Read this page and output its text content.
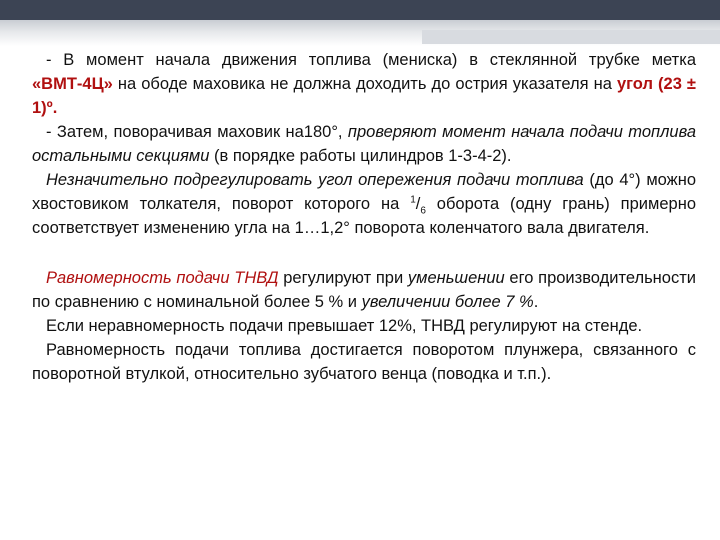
- В момент начала движения топлива (мениска) в стеклянной трубке метка «ВМТ-4Ц» на ободе маховика не должна доходить до острия указателя на угол (23 ± 1)º.

- Затем, поворачивая маховик на180°, проверяют момент начала подачи топлива остальными секциями (в порядке работы цилиндров 1-3-4-2).

Незначительно подрегулировать угол опережения подачи топлива (до 4°) можно хвостовиком толкателя, поворот которого на $^1/_6$ оборота (одну грань) примерно соответствует изменению угла на 1…1,2° поворота коленчатого вала двигателя.

Равномерность подачи ТНВД регулируют при уменьшении его производительности по сравнению с номинальной более 5 % и увеличении более 7 %.

Если неравномерность подачи превышает 12%, ТНВД регулируют на стенде.

Равномерность подачи топлива достигается поворотом плунжера, связанного с поворотной втулкой, относительно зубчатого венца (поводка и т.п.).
